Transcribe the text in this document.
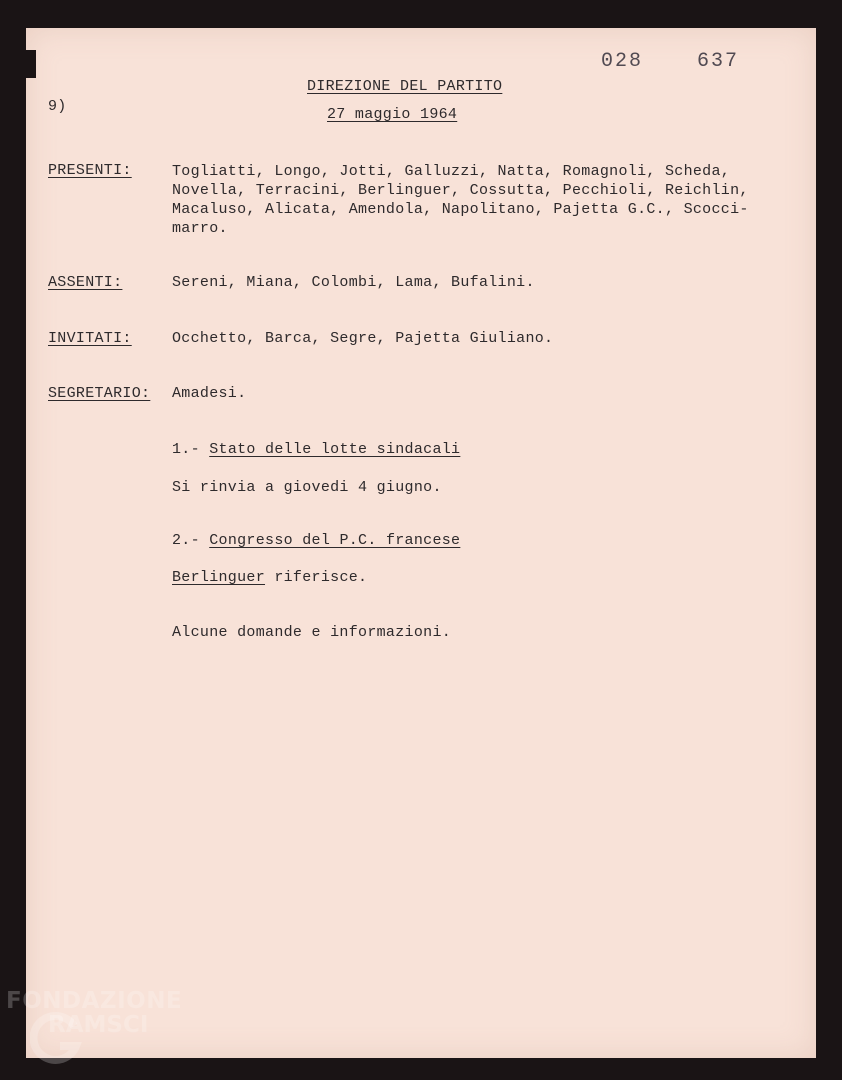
9)
028	637
DIREZIONE DEL PARTITO
27 maggio 1964
PRESENTI:	Togliatti, Longo, Jotti, Galluzzi, Natta, Romagnoli, Scheda,
Novella, Terracini, Berlinguer, Cossutta, Pecchioli, Reichlin,
Macaluso, Alicata, Amendola, Napolitano, Pajetta G.C., Scocci-
marro.
ASSENTI:	Sereni, Miana, Colombi, Lama, Bufalini.
INVITATI:	Occhetto, Barca, Segre, Pajetta Giuliano.
SEGRETARIO: Amadesi.
1.- Stato delle lotte sindacali
Si rinvia a giovedi 4 giugno.
2.- Congresso del P.C. francese
Berlinguer riferisce.
Alcune domande e informazioni.
FONDAZIONE
RAMSCI
